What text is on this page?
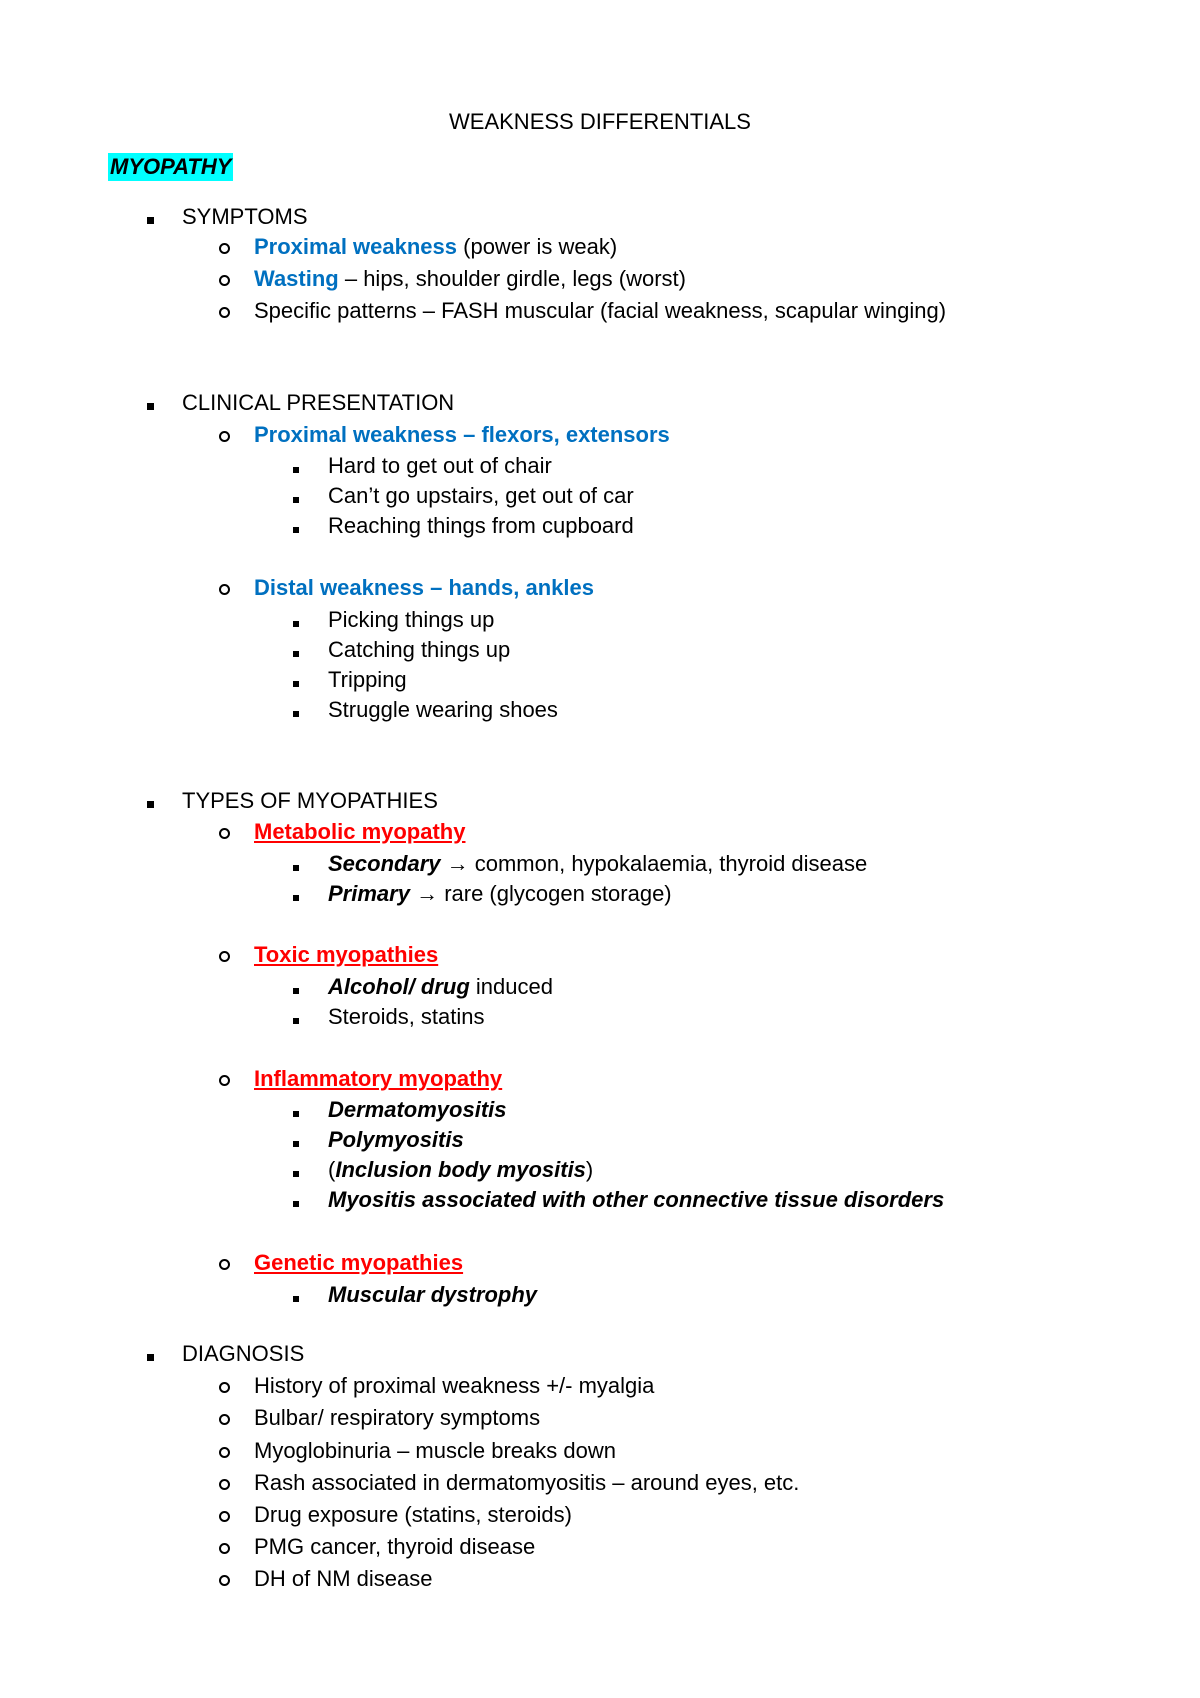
WEAKNESS DIFFERENTIALS
MYOPATHY
SYMPTOMS
Proximal weakness (power is weak)
Wasting – hips, shoulder girdle, legs (worst)
Specific patterns – FASH muscular (facial weakness, scapular winging)
CLINICAL PRESENTATION
Proximal weakness – flexors, extensors
Hard to get out of chair
Can’t go upstairs, get out of car
Reaching things from cupboard
Distal weakness – hands, ankles
Picking things up
Catching things up
Tripping
Struggle wearing shoes
TYPES OF MYOPATHIES
Metabolic myopathy
Secondary → common, hypokalaemia, thyroid disease
Primary → rare (glycogen storage)
Toxic myopathies
Alcohol/ drug induced
Steroids, statins
Inflammatory myopathy
Dermatomyositis
Polymyositis
(Inclusion body myositis)
Myositis associated with other connective tissue disorders
Genetic myopathies
Muscular dystrophy
DIAGNOSIS
History of proximal weakness +/- myalgia
Bulbar/ respiratory symptoms
Myoglobinuria – muscle breaks down
Rash associated in dermatomyositis – around eyes, etc.
Drug exposure (statins, steroids)
PMG cancer, thyroid disease
DH of NM disease
